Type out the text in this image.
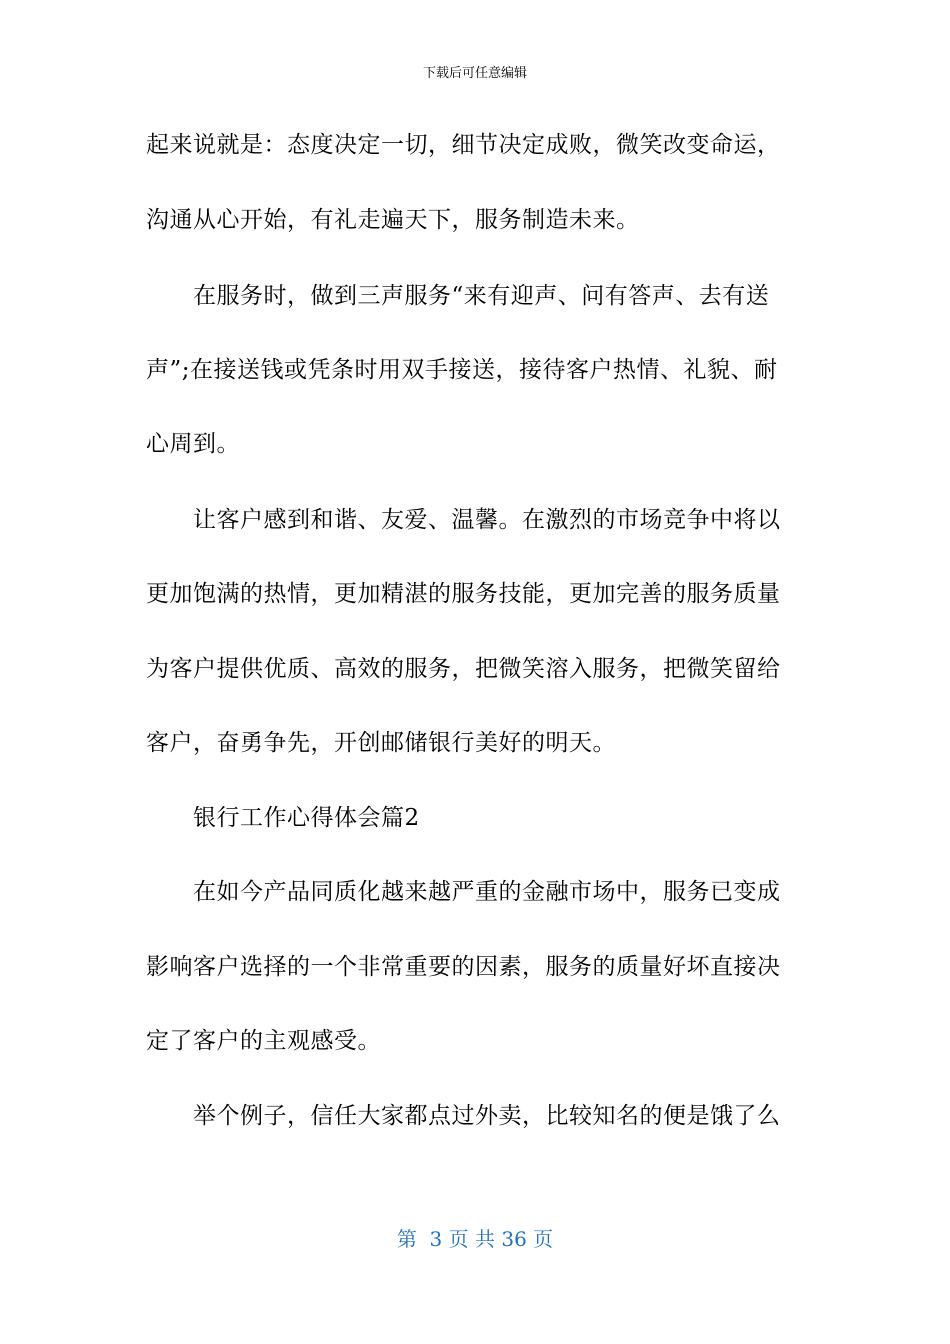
下载后可任意编辑
起来说就是：态度决定一切，细节决定成败，微笑改变命运，
沟通从心开始，有礼走遍天下，服务制造未来。
在服务时，做到三声服务“来有迎声、问有答声、去有送
声”;在接送钱或凭条时用双手接送，接待客户热情、礼貌、耐
心周到。
让客户感到和谐、友爱、温馨。在激烈的市场竞争中将以
更加饱满的热情，更加精湛的服务技能，更加完善的服务质量
为客户提供优质、高效的服务，把微笑溶入服务，把微笑留给
客户，奋勇争先，开创邮储银行美好的明天。
银行工作心得体会篇2
在如今产品同质化越来越严重的金融市场中，服务已变成
影响客户选择的一个非常重要的因素，服务的质量好坏直接决
定了客户的主观感受。
举个例子，信任大家都点过外卖，比较知名的便是饿了么
第  3 页 共 36 页
